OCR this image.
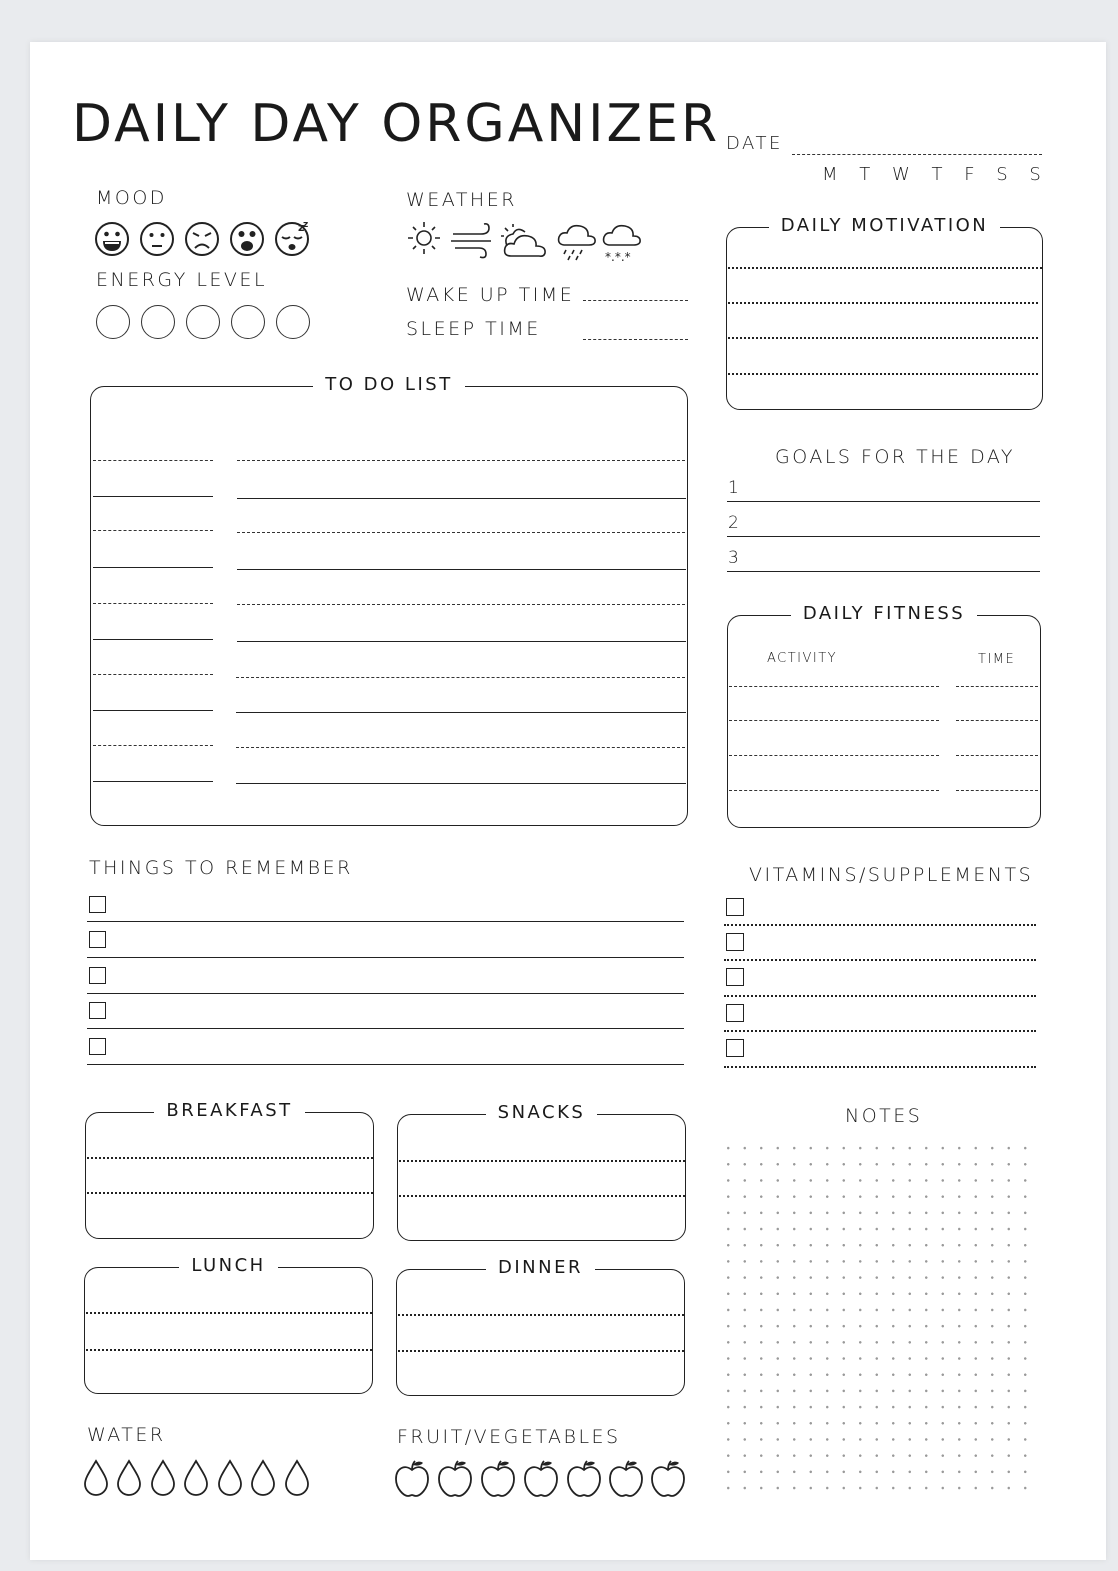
DAILY DAY ORGANIZER DATE
M T W T F S S
MOOD
z
z
ENERGY LEVEL
WEATHER
*.*.*
WAKE UP TIME
SLEEP TIME
DAILY MOTIVATION
TO DO LIST
GOALS FOR THE DAY
1
2
3
DAILY FITNESS
ACTIVITY	TIME
THINGS TO REMEMBER	VITAMINS/SUPPLEMENTS
BREAKFAST	SNACKS
LUNCH	DINNER
NOTES
WATER	FRUIT/VEGETABLES
